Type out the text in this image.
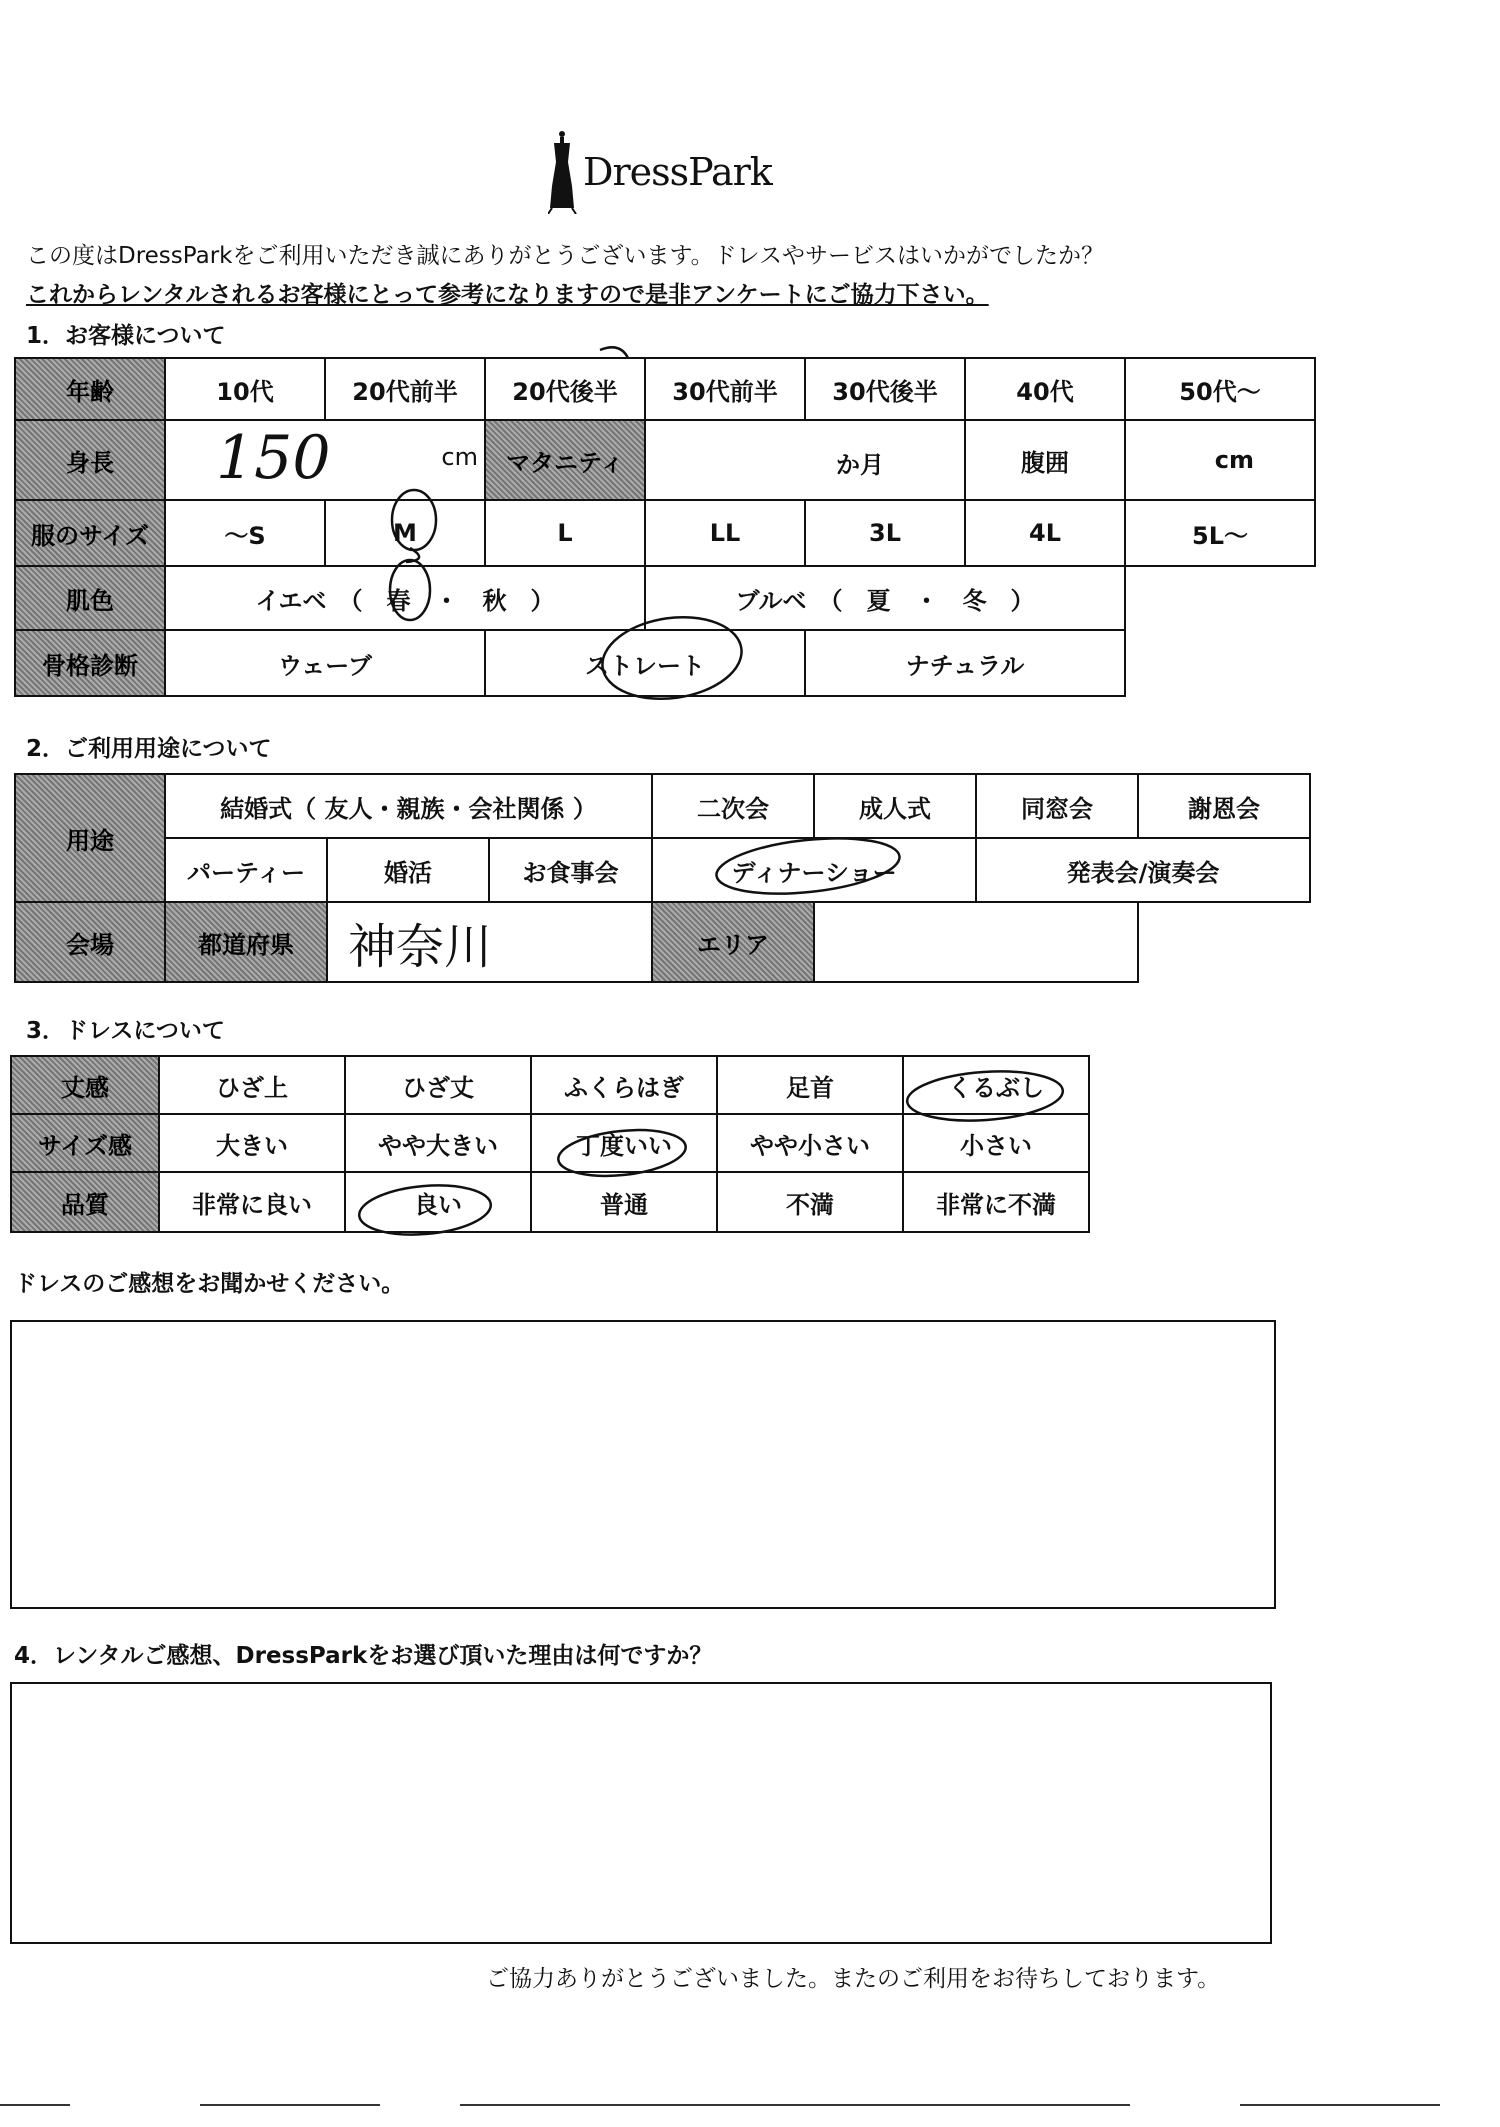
DressPark
この度はDressParkをご利用いただき誠にありがとうございます。ドレスやサービスはいかがでしたか？
これからレンタルされるお客様にとって参考になりますので是非アンケートにご協力下さい。
1．お客様について
年齢	10代	20代前半	20代後半	30代前半	30代後半	40代	50代～
身長	150 cm		マタニティ	か月		腹囲	cm
服のサイズ	～S	M	L	LL	3L	4L	5L～
肌色	イエベ　（　春　・　秋　）			ブルベ　（　夏　・　冬　）			
骨格診断	ウェーブ		ストレート		ナチュラル		
2．ご利用用途について
用途	結婚式（ 友人・親族・会社関係 ）			二次会	成人式	同窓会	謝恩会
	パーティー	婚活	お食事会	ディナーショー		発表会/演奏会	
会場	都道府県	神奈川		エリア			
3．ドレスについて
丈感	ひざ上	ひざ丈	ふくらはぎ	足首	くるぶし
サイズ感	大きい	やや大きい	丁度いい	やや小さい	小さい
品質	非常に良い	良い	普通	不満	非常に不満
ドレスのご感想をお聞かせください。
4．レンタルご感想、DressParkをお選び頂いた理由は何ですか？
ご協力ありがとうございました。またのご利用をお待ちしております。
